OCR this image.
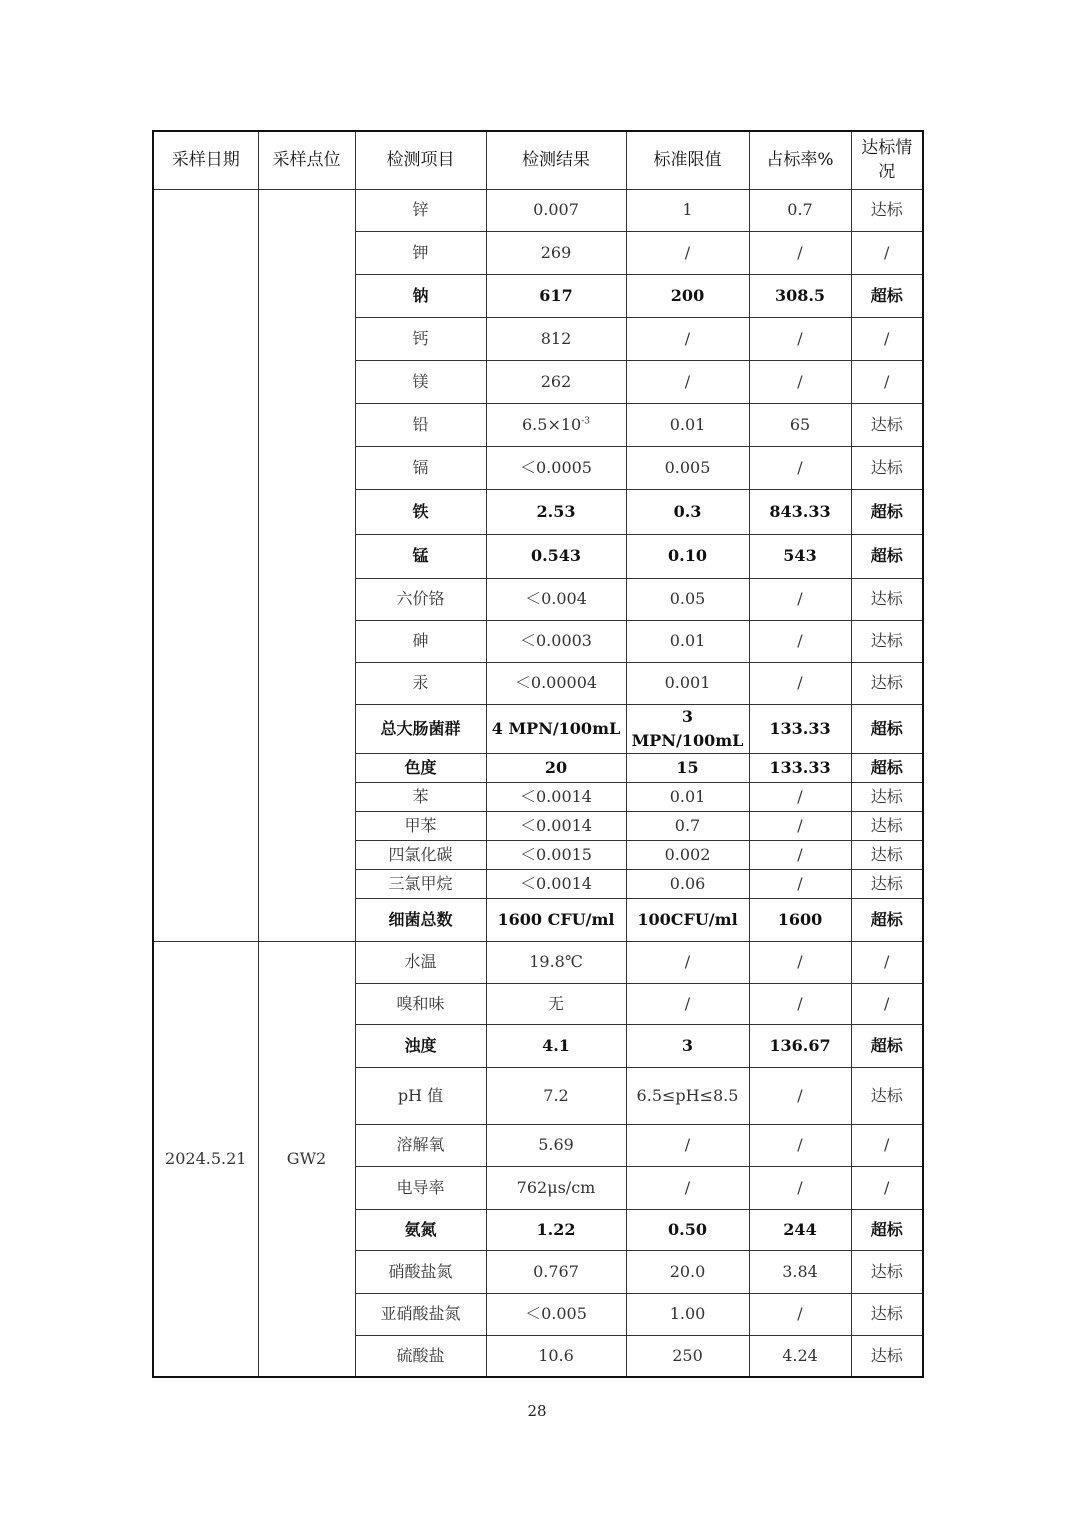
采样日期	采样点位	检测项目	检测结果	标准限值	占标率%	达标情况
		锌	0.007	1	0.7	达标
		钾	269	/	/	/
		钠	617	200	308.5	超标
		钙	812	/	/	/
		镁	262	/	/	/
		铅	$6.5\times 10^{-3}$	0.01	65	达标
		镉	＜0.0005	0.005	/	达标
		铁	2.53	0.3	843.33	超标
		锰	0.543	0.10	543	超标
		六价铬	＜0.004	0.05	/	达标
		砷	＜0.0003	0.01	/	达标
		汞	＜0.00004	0.001	/	达标
		总大肠菌群	4 MPN/100mL	3 MPN/100mL	133.33	超标
		色度	20	15	133.33	超标
		苯	＜0.0014	0.01	/	达标
		甲苯	＜0.0014	0.7	/	达标
		四氯化碳	＜0.0015	0.002	/	达标
		三氯甲烷	＜0.0014	0.06	/	达标
		细菌总数	1600 CFU/ml	100CFU/ml	1600	超标
2024.5.21	GW2	水温	19.8℃	/	/	/
		嗅和味	无	/	/	/
		浊度	4.1	3	136.67	超标
		pH 值	7.2	6.5≤pH≤8.5	/	达标
		溶解氧	5.69	/	/	/
		电导率	762μs/cm	/	/	/
		氨氮	1.22	0.50	244	超标
		硝酸盐氮	0.767	20.0	3.84	达标
		亚硝酸盐氮	＜0.005	1.00	/	达标
		硫酸盐	10.6	250	4.24	达标
28
